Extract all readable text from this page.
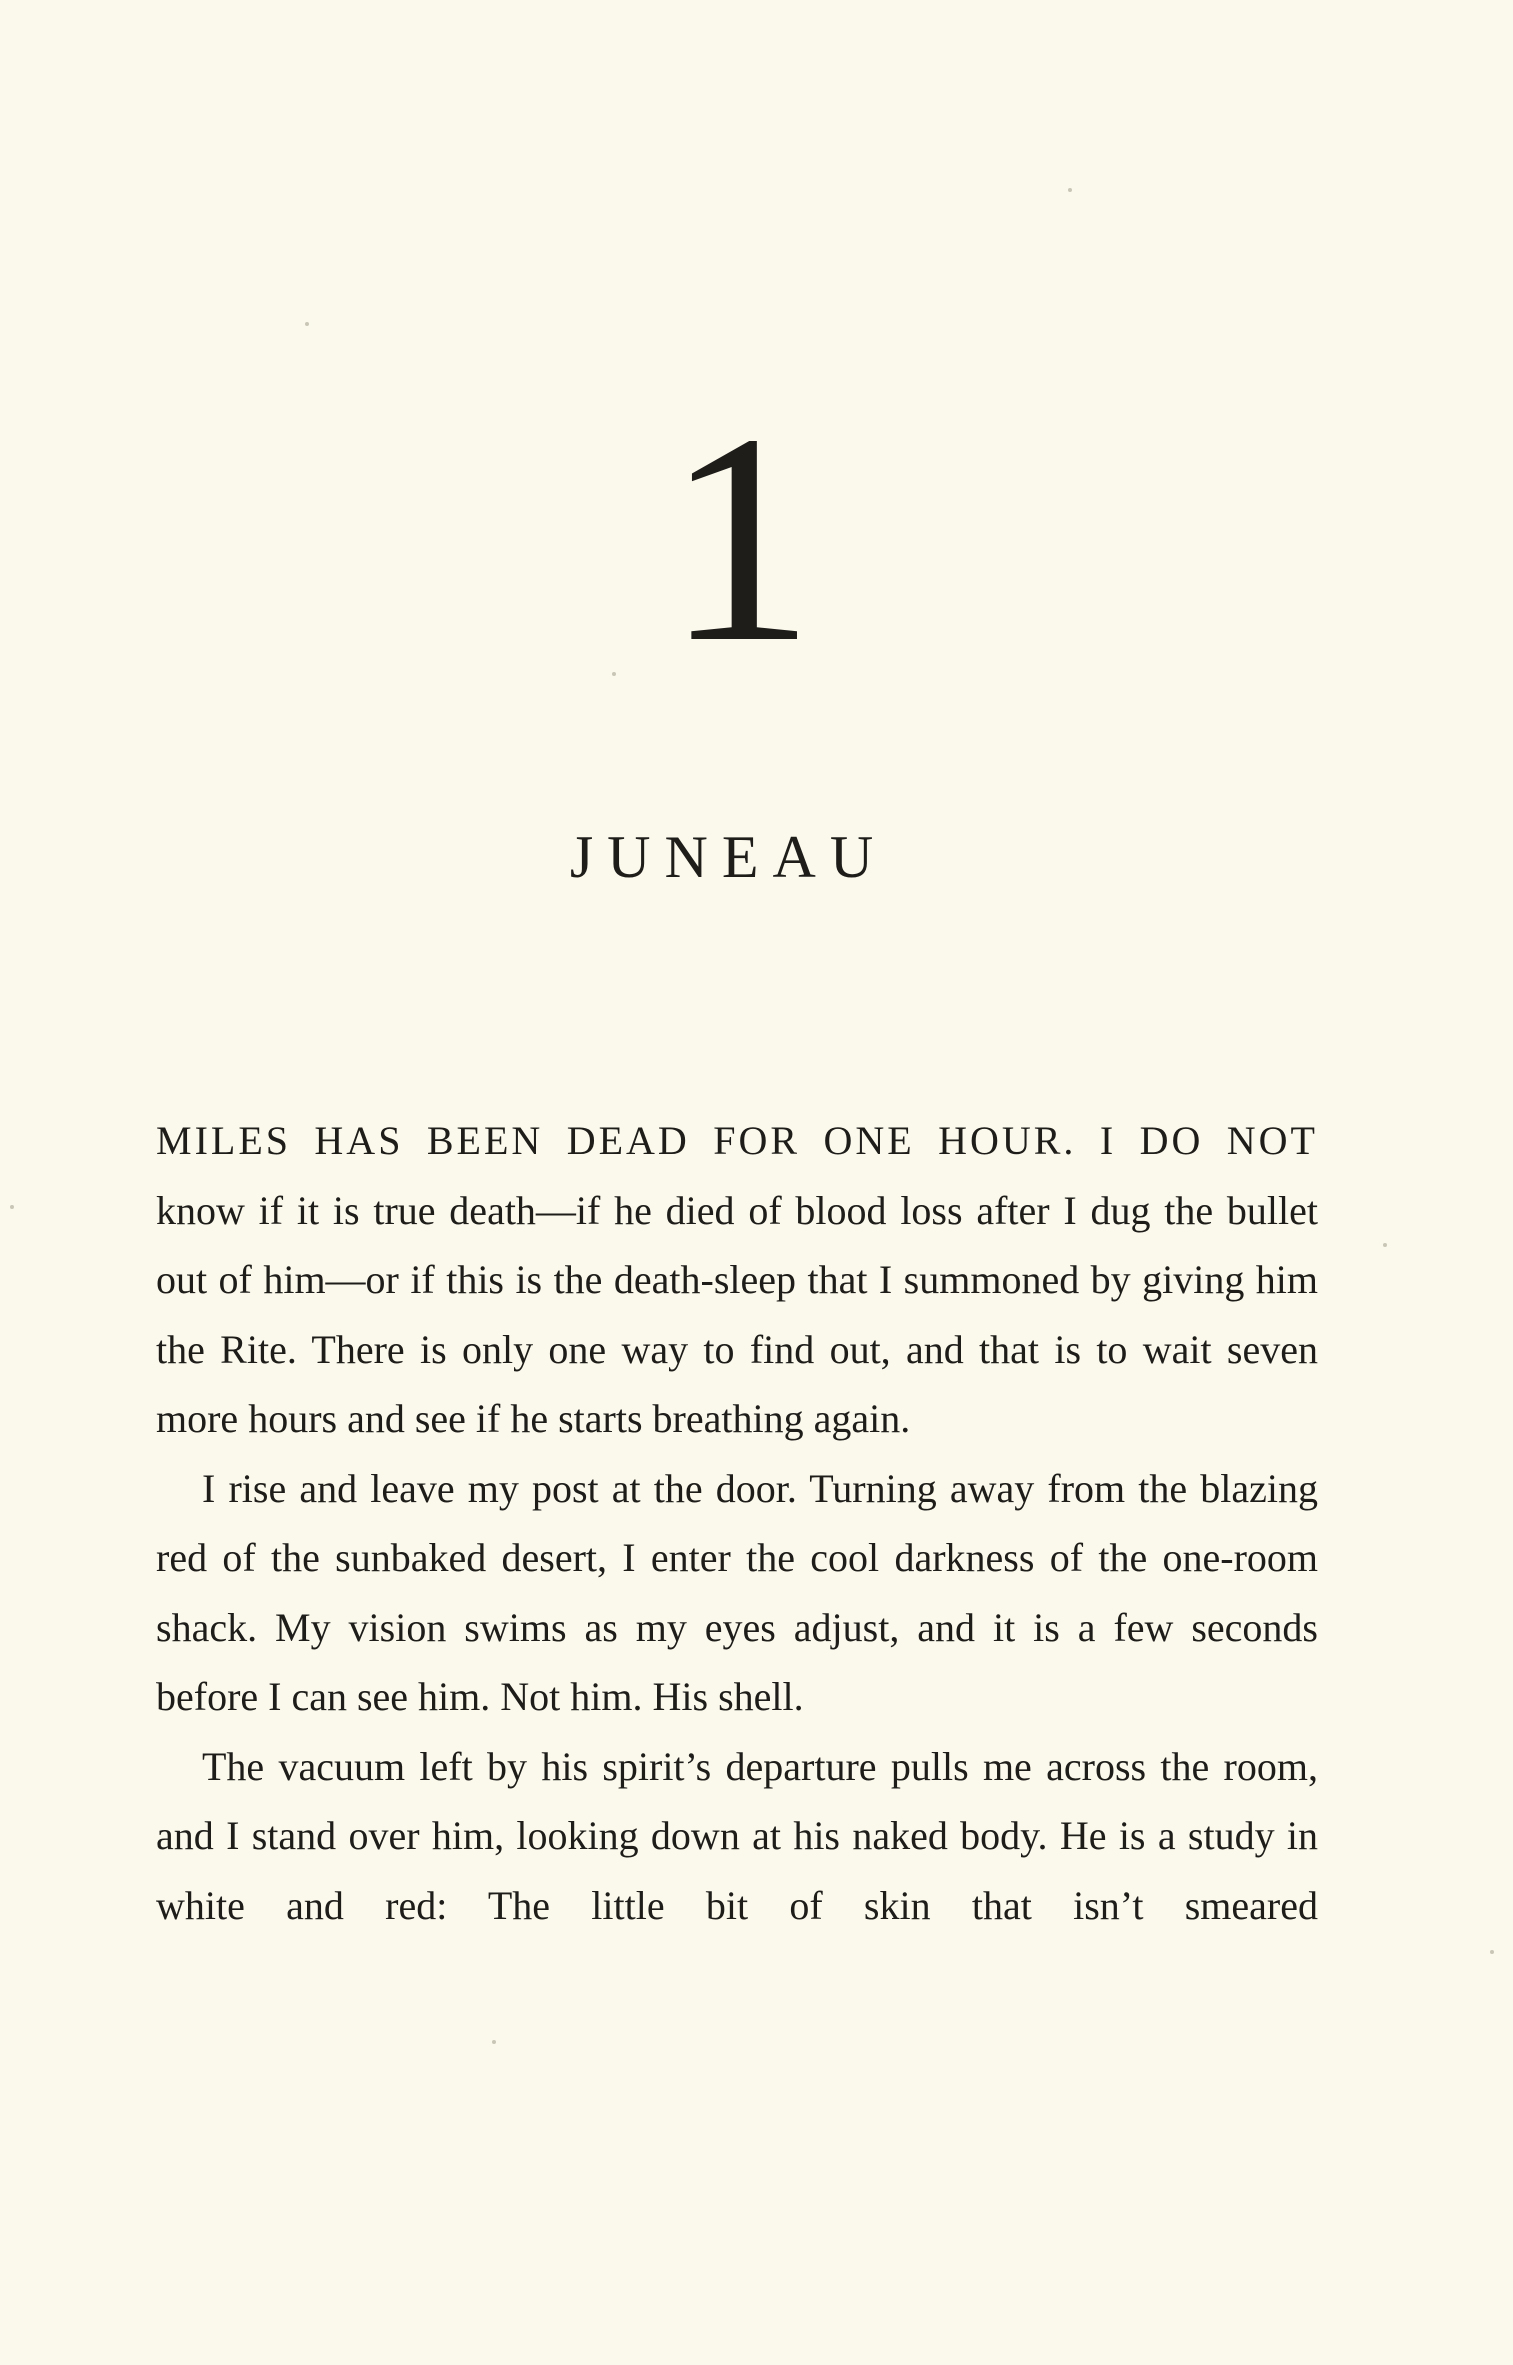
1
JUNEAU

MILES HAS BEEN DEAD FOR ONE HOUR. I DO NOT know if it is true death—if he died of blood loss after I dug the bullet out of him—or if this is the death-sleep that I summoned by giving him the Rite. There is only one way to find out, and that is to wait seven more hours and see if he starts breathing again.

I rise and leave my post at the door. Turning away from the blazing red of the sunbaked desert, I enter the cool darkness of the one-room shack. My vision swims as my eyes adjust, and it is a few seconds before I can see him. Not him. His shell.

The vacuum left by his spirit’s departure pulls me across the room, and I stand over him, looking down at his naked body. He is a study in white and red: The little bit of skin that isn’t smeared
